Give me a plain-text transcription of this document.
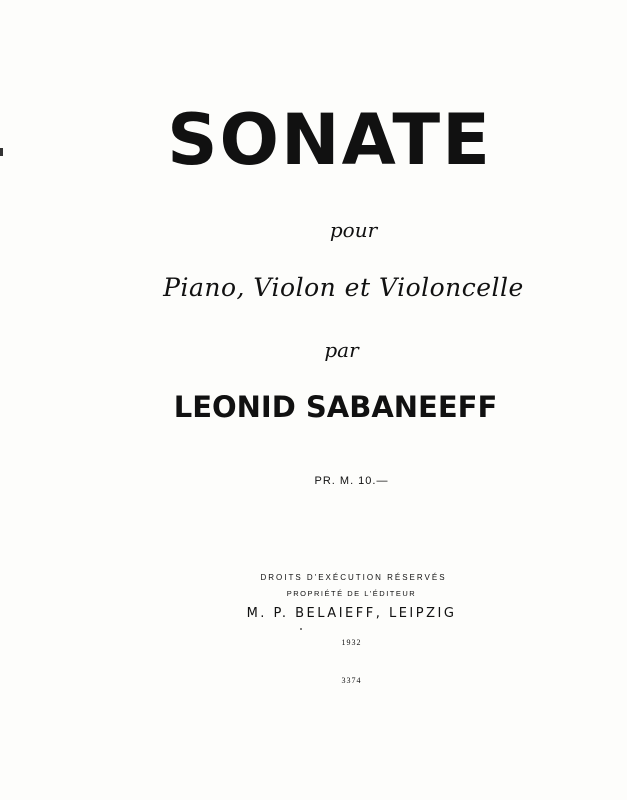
SONATE
pour
Piano, Violon et Violoncelle
par
LEONID SABANEEFF
PR. M. 10.—
DROITS D'EXÉCUTION RÉSERVÉS
PROPRIÉTÉ DE L'ÉDITEUR
M. P. BELAIEFF, LEIPZIG
1932
3374
